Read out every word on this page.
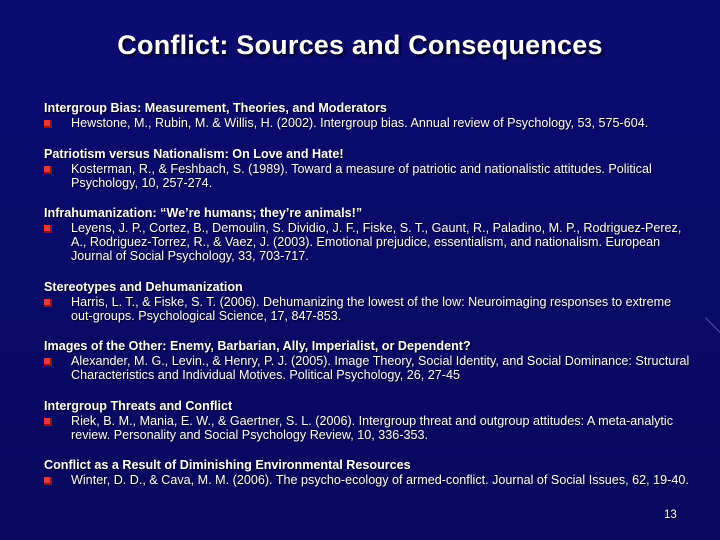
Conflict: Sources and Consequences
Intergroup Bias: Measurement, Theories, and Moderators
Hewstone, M., Rubin, M. & Willis, H. (2002). Intergroup bias. Annual review of Psychology, 53, 575-604.
Patriotism versus Nationalism: On Love and Hate!
Kosterman, R., & Feshbach, S. (1989). Toward a measure of patriotic and nationalistic attitudes. Political Psychology, 10, 257-274.
Infrahumanization: “We’re humans; they’re animals!”
Leyens, J. P., Cortez, B., Demoulin, S. Dividio, J. F., Fiske, S. T., Gaunt, R., Paladino, M. P., Rodriguez-Perez, A., Rodriguez-Torrez, R., & Vaez, J. (2003). Emotional prejudice, essentialism, and nationalism. European Journal of Social Psychology, 33, 703-717.
Stereotypes and Dehumanization
Harris, L. T., & Fiske, S. T. (2006). Dehumanizing the lowest of the low: Neuroimaging responses to extreme out-groups. Psychological Science, 17, 847-853.
Images of the Other: Enemy, Barbarian, Ally, Imperialist, or Dependent?
Alexander, M. G., Levin., & Henry, P. J. (2005). Image Theory, Social Identity, and Social Dominance: Structural Characteristics and Individual Motives. Political Psychology, 26, 27-45
Intergroup Threats and Conflict
Riek, B. M., Mania, E. W., & Gaertner, S. L. (2006). Intergroup threat and outgroup attitudes: A meta-analytic review. Personality and Social Psychology Review, 10, 336-353.
Conflict as a Result of Diminishing Environmental Resources
Winter, D. D., & Cava, M. M. (2006). The psycho-ecology of armed-conflict. Journal of Social Issues, 62, 19-40.
13
